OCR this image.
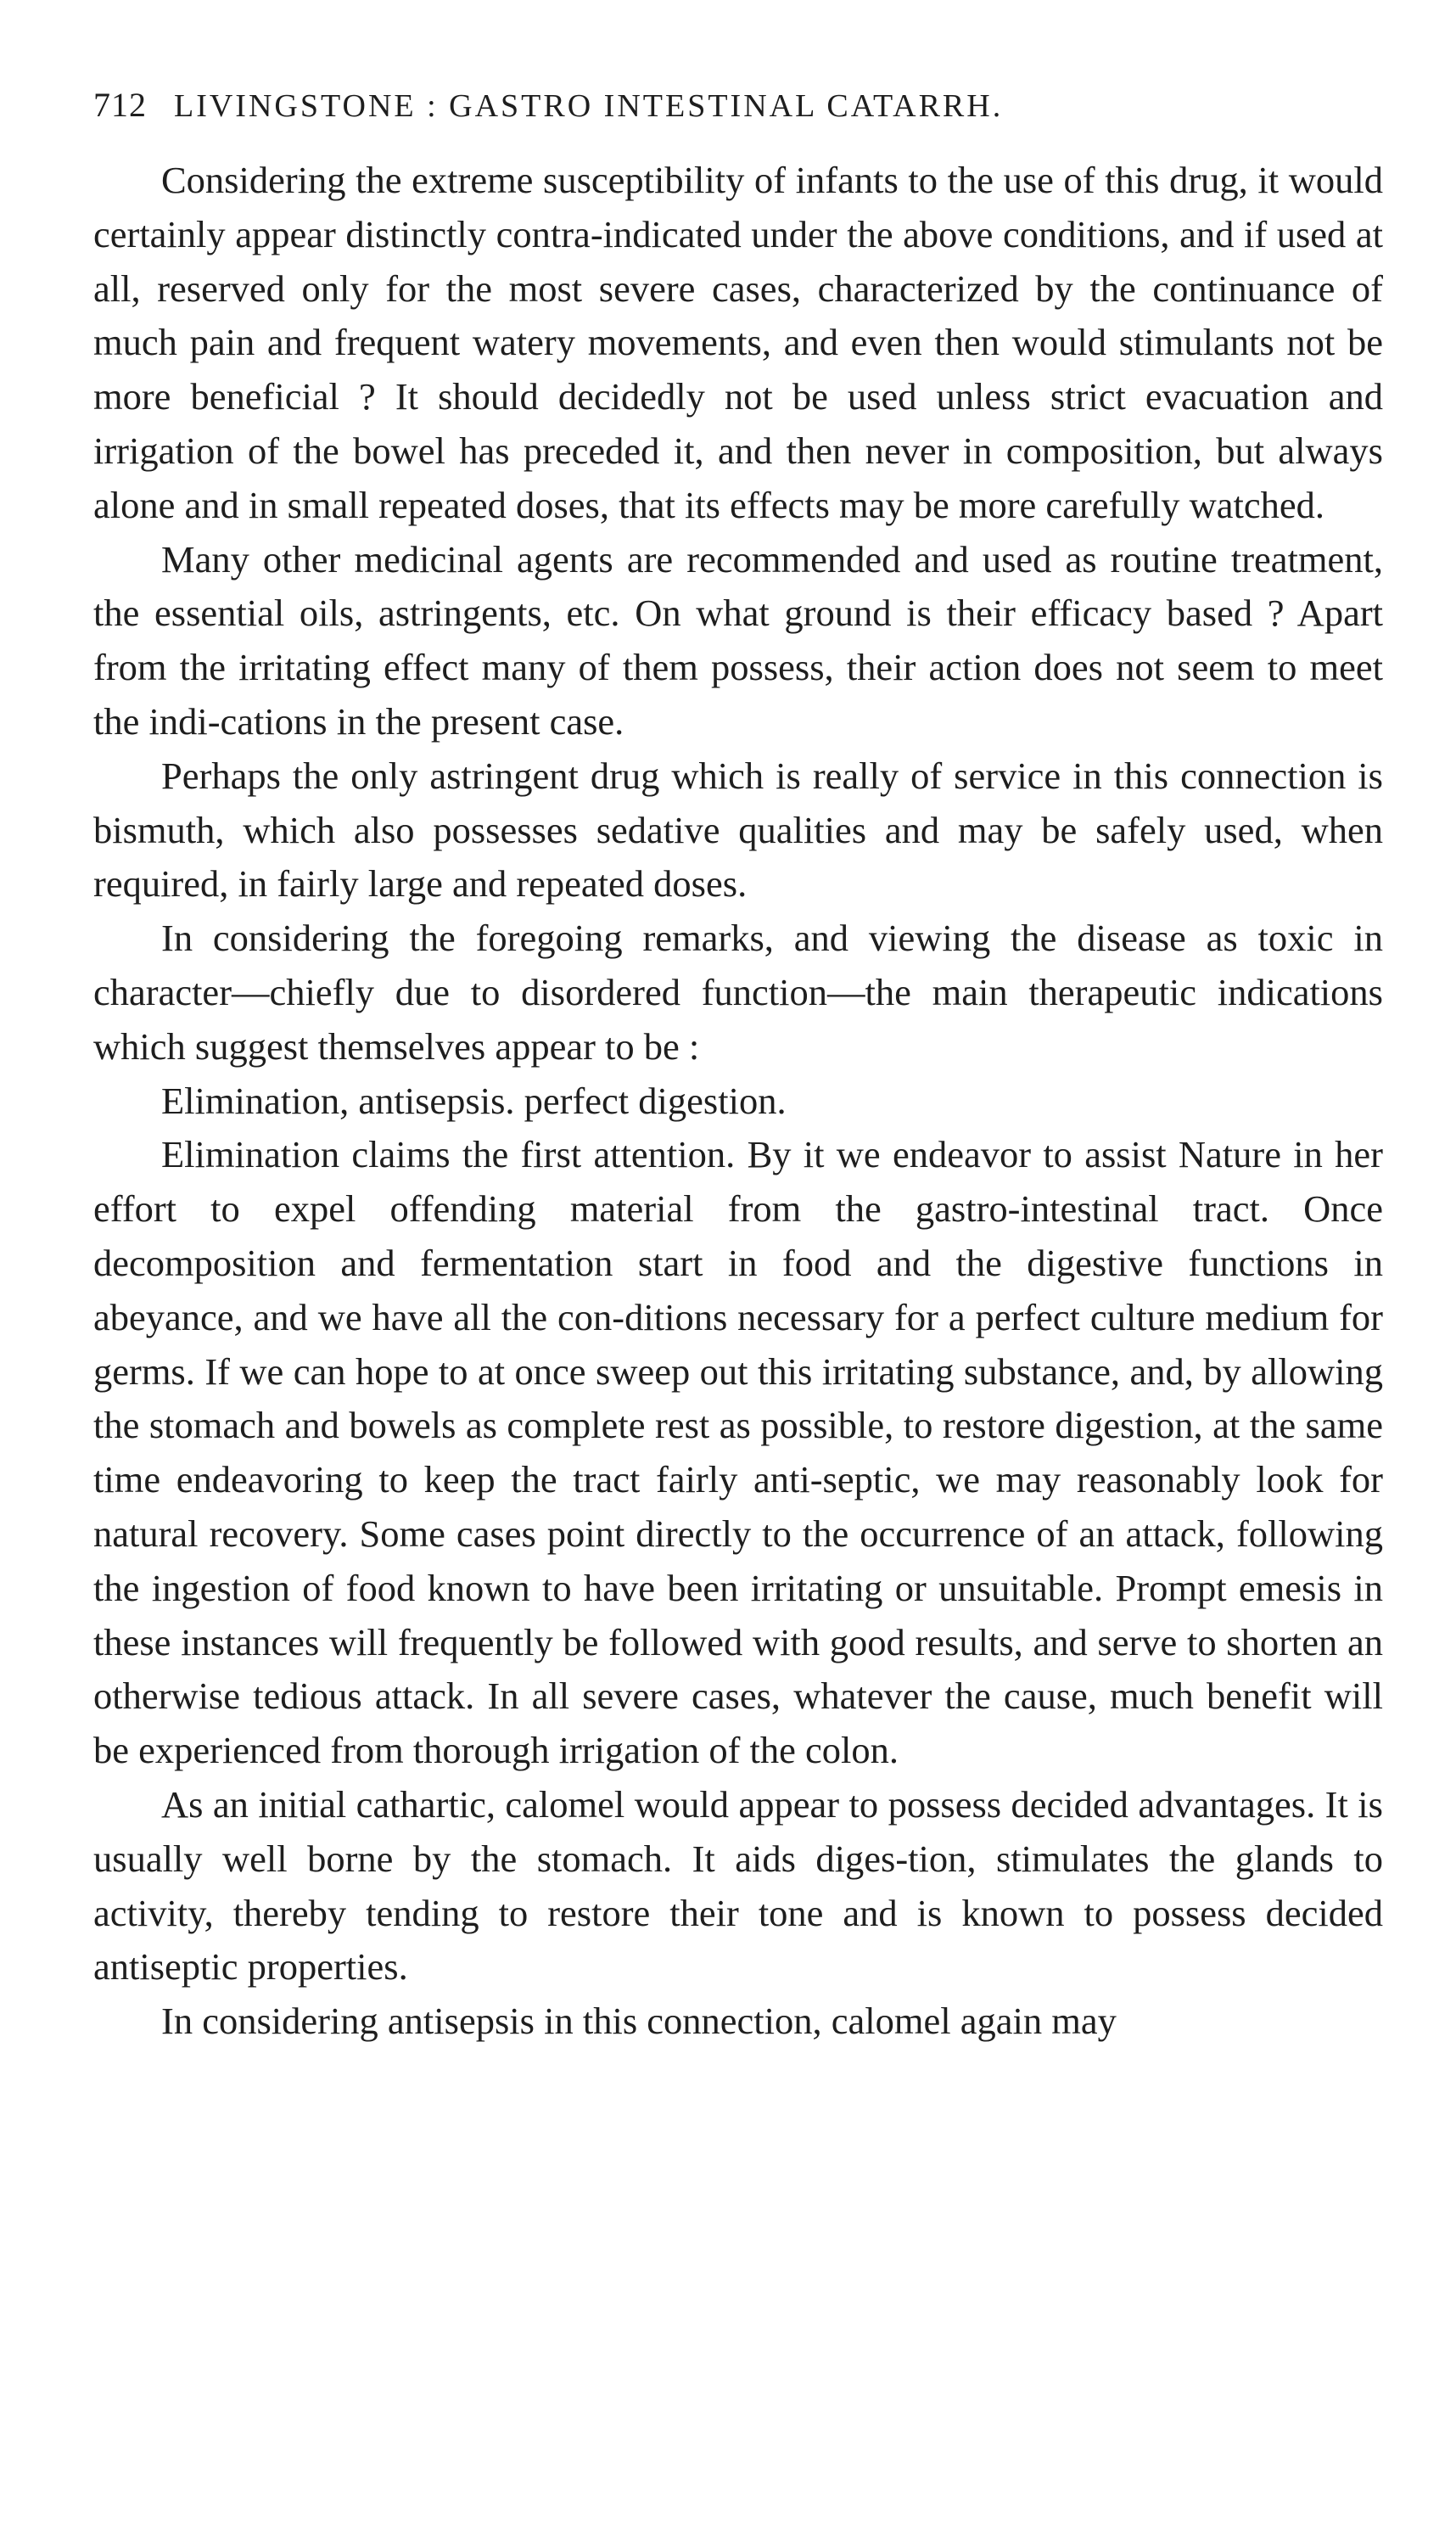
712 LIVINGSTONE : GASTRO INTESTINAL CATARRH.

Considering the extreme susceptibility of infants to the use of this drug, it would certainly appear distinctly contra-indicated under the above conditions, and if used at all, reserved only for the most severe cases, characterized by the continuance of much pain and frequent watery movements, and even then would stimulants not be more beneficial ? It should decidedly not be used unless strict evacuation and irrigation of the bowel has preceded it, and then never in composition, but always alone and in small repeated doses, that its effects may be more carefully watched.

Many other medicinal agents are recommended and used as routine treatment, the essential oils, astringents, etc. On what ground is their efficacy based ? Apart from the irritating effect many of them possess, their action does not seem to meet the indi-cations in the present case.

Perhaps the only astringent drug which is really of service in this connection is bismuth, which also possesses sedative qualities and may be safely used, when required, in fairly large and repeated doses.

In considering the foregoing remarks, and viewing the disease as toxic in character—chiefly due to disordered function—the main therapeutic indications which suggest themselves appear to be :

Elimination, antisepsis. perfect digestion.

Elimination claims the first attention. By it we endeavor to assist Nature in her effort to expel offending material from the gastro-intestinal tract. Once decomposition and fermentation start in food and the digestive functions in abeyance, and we have all the con-ditions necessary for a perfect culture medium for germs. If we can hope to at once sweep out this irritating substance, and, by allowing the stomach and bowels as complete rest as possible, to restore digestion, at the same time endeavoring to keep the tract fairly anti-septic, we may reasonably look for natural recovery. Some cases point directly to the occurrence of an attack, following the ingestion of food known to have been irritating or unsuitable. Prompt emesis in these instances will frequently be followed with good results, and serve to shorten an otherwise tedious attack. In all severe cases, whatever the cause, much benefit will be experienced from thorough irrigation of the colon.

As an initial cathartic, calomel would appear to possess decided advantages. It is usually well borne by the stomach. It aids diges-tion, stimulates the glands to activity, thereby tending to restore their tone and is known to possess decided antiseptic properties.

In considering antisepsis in this connection, calomel again may
